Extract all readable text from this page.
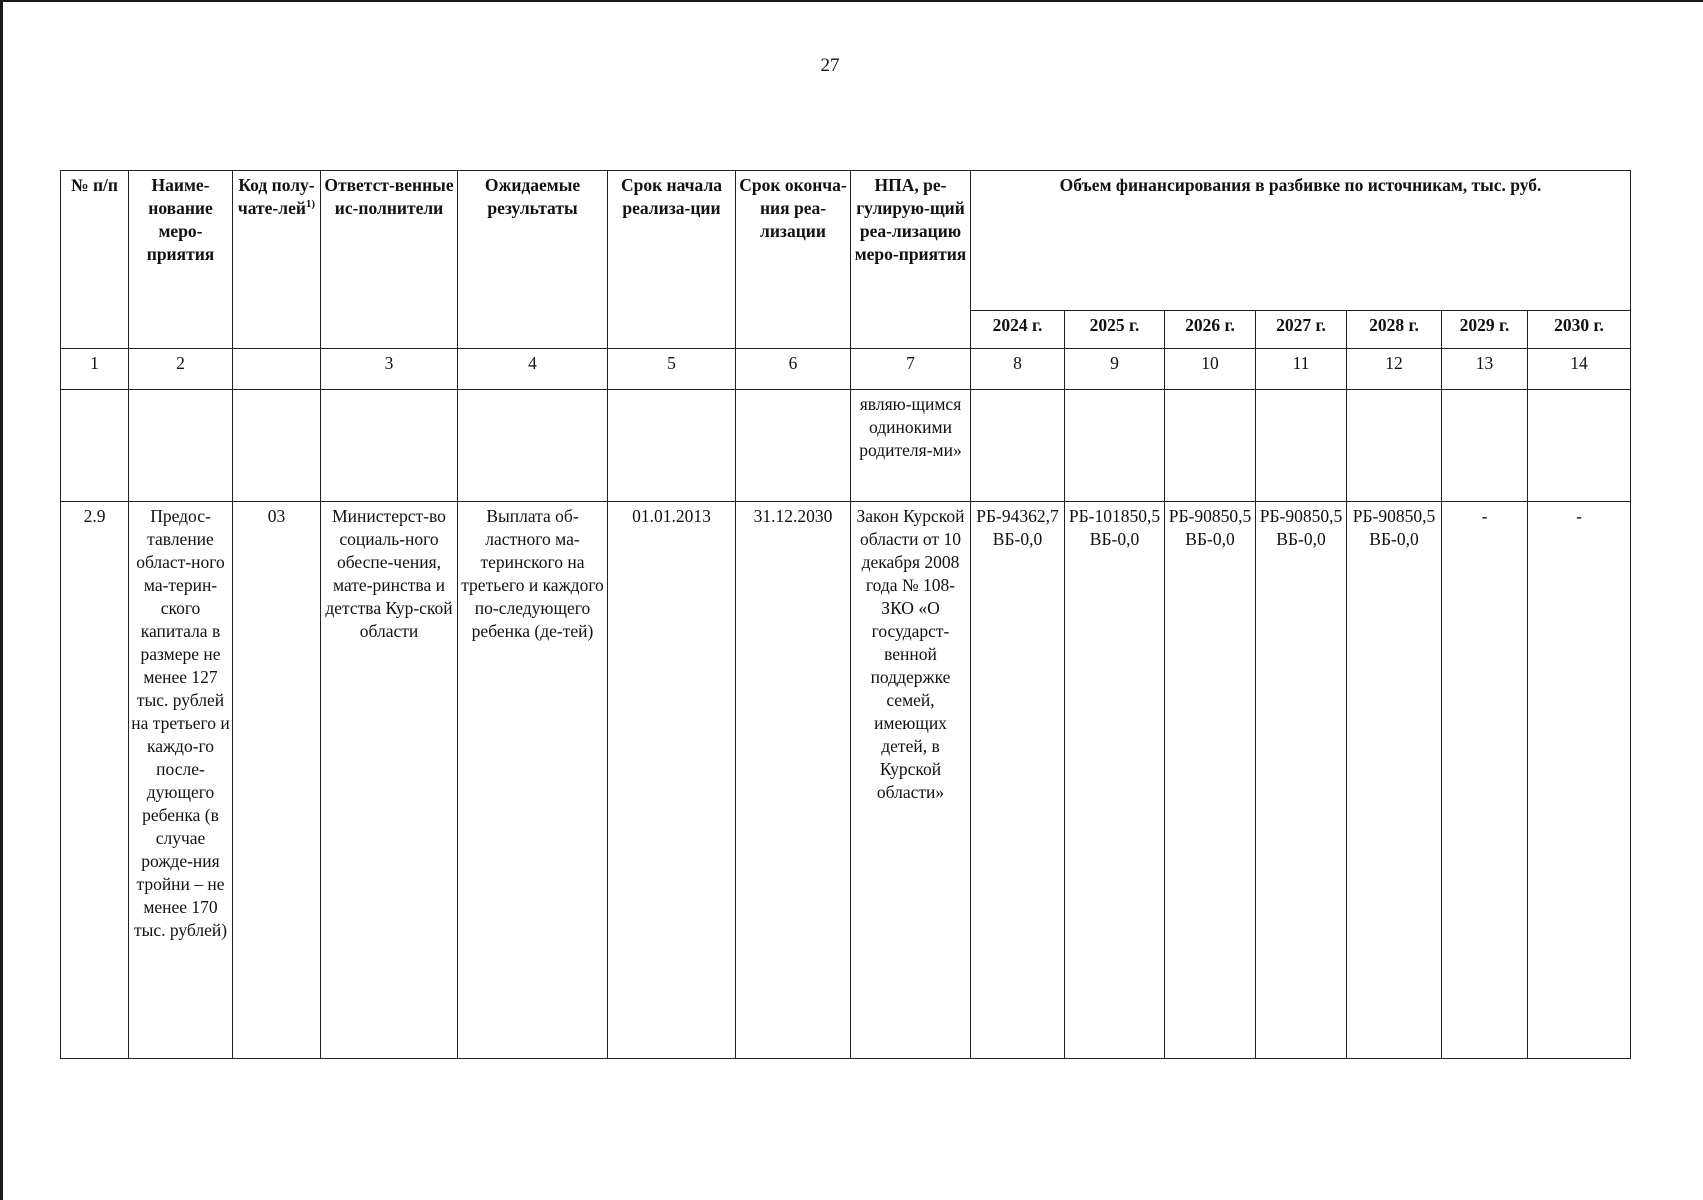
27
№ п/п	Наиме-нование меро-приятия	Код полу-чате-лей$^{1)}$	Ответст-венные ис-полнители	Ожидаемые результаты	Срок начала реализа-ции	Срок оконча-ния реа-лизации	НПА, ре-гулирую-щий реа-лизацию меро-приятия	Объем финансирования в разбивке по источникам, тыс. руб.						
								2024 г.	2025 г.	2026 г.	2027 г.	2028 г.	2029 г.	2030 г.
1	2		3	4	5	6	7	8	9	10	11	12	13	14
							являю-щимся одинокими родителя-ми»							
2.9	Предос-тавление област-ного ма-терин-ского капитала в размере не менее 127 тыс. рублей на третьего и каждо-го после-дующего ребенка (в случае рожде-ния тройни – не менее 170 тыс. рублей)	03	Министерст-во социаль-ного обеспе-чения, мате-ринства и детства Кур-ской области	Выплата об-ластного ма-теринского на третьего и каждого по-следующего ребенка (де-тей)	01.01.2013	31.12.2030	Закон Курской области от 10 декабря 2008 года № 108-ЗКО «О государст-венной поддержке семей, имеющих детей, в Курской области»	РБ-94362,7 ВБ-0,0	РБ-101850,5 ВБ-0,0	РБ-90850,5 ВБ-0,0	РБ-90850,5 ВБ-0,0	РБ-90850,5 ВБ-0,0	-	-
